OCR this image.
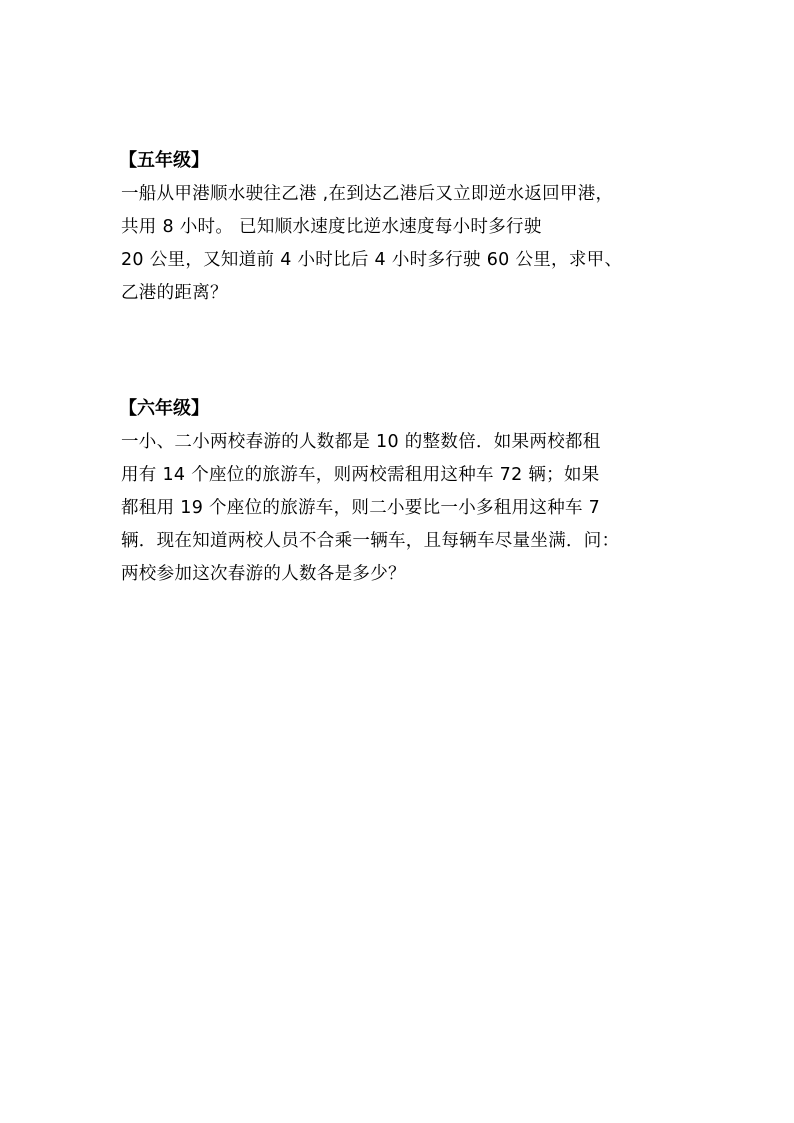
【五年级】
一船从甲港顺水驶往乙港 ,在到达乙港后又立即逆水返回甲港，
共用 8 小时。 已知顺水速度比逆水速度每小时多行驶
20 公里，又知道前 4 小时比后 4 小时多行驶 60 公里，求甲、
乙港的距离？
【六年级】
一小、二小两校春游的人数都是 10 的整数倍．如果两校都租
用有 14 个座位的旅游车，则两校需租用这种车 72 辆；如果
都租用 19 个座位的旅游车，则二小要比一小多租用这种车 7
辆．现在知道两校人员不合乘一辆车，且每辆车尽量坐满．问：
两校参加这次春游的人数各是多少？
